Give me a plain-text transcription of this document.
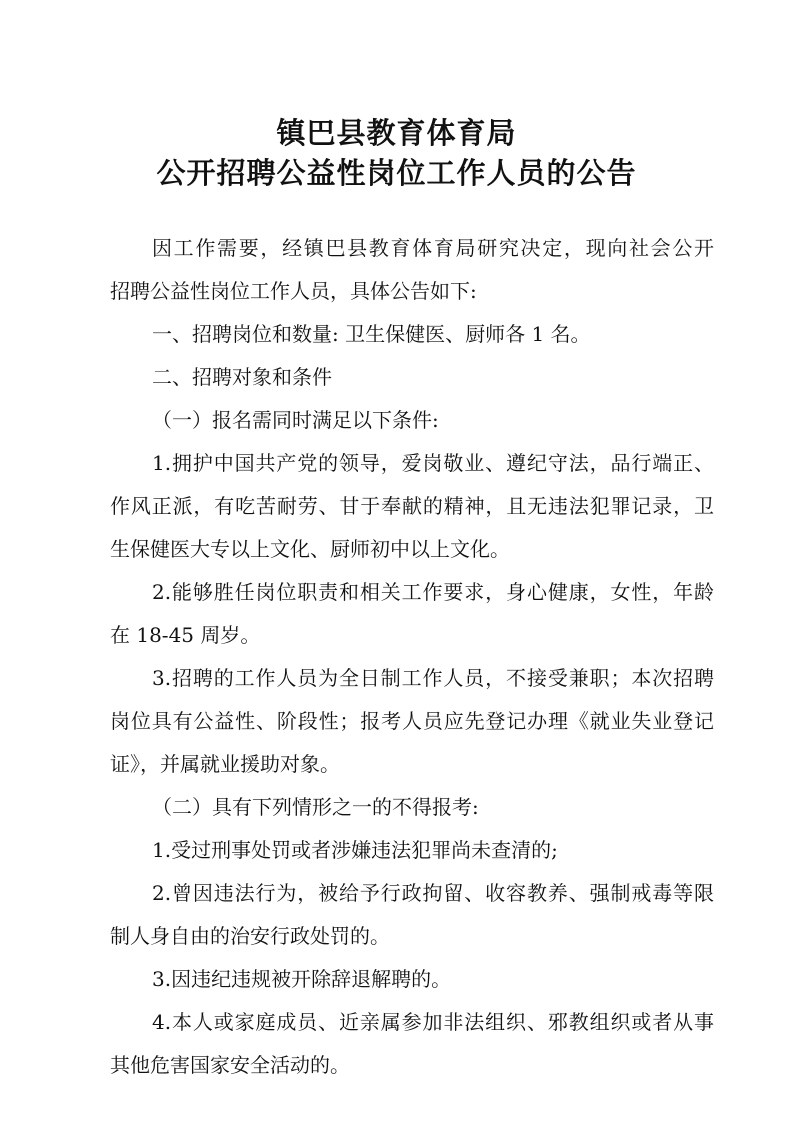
镇巴县教育体育局
公开招聘公益性岗位工作人员的公告
因工作需要，经镇巴县教育体育局研究决定，现向社会公开
招聘公益性岗位工作人员，具体公告如下:
一、招聘岗位和数量: 卫生保健医、厨师各 1 名。
二、招聘对象和条件
（一）报名需同时满足以下条件:
1.拥护中国共产党的领导，爱岗敬业、遵纪守法，品行端正、
作风正派，有吃苦耐劳、甘于奉献的精神，且无违法犯罪记录，卫
生保健医大专以上文化、厨师初中以上文化。
2.能够胜任岗位职责和相关工作要求，身心健康，女性，年龄
在 18-45 周岁。
3.招聘的工作人员为全日制工作人员，不接受兼职；本次招聘
岗位具有公益性、阶段性；报考人员应先登记办理《就业失业登记
证》，并属就业援助对象。
（二）具有下列情形之一的不得报考:
1.受过刑事处罚或者涉嫌违法犯罪尚未查清的;
2.曾因违法行为，被给予行政拘留、收容教养、强制戒毒等限
制人身自由的治安行政处罚的。
3.因违纪违规被开除辞退解聘的。
4.本人或家庭成员、近亲属参加非法组织、邪教组织或者从事
其他危害国家安全活动的。
